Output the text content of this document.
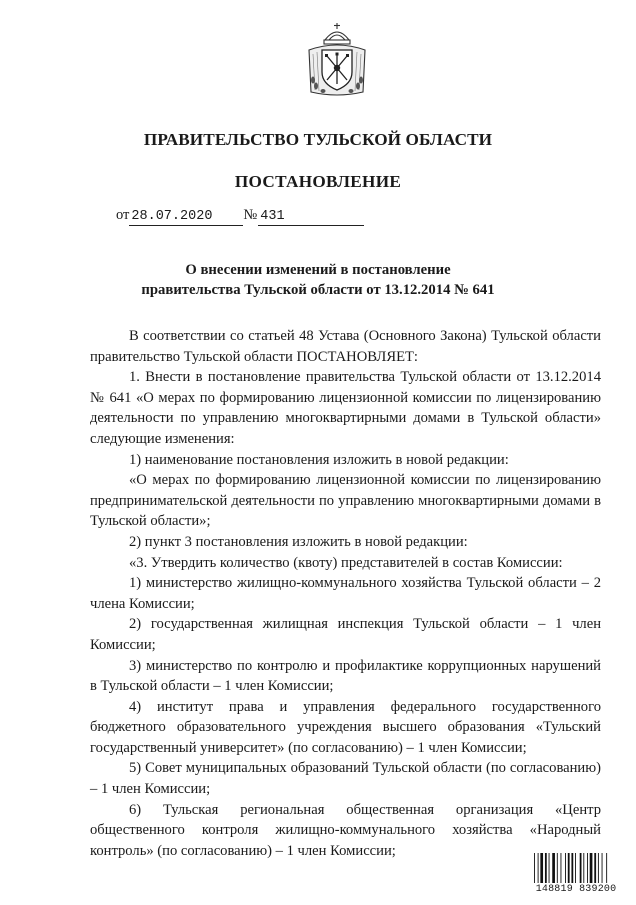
ПРАВИТЕЛЬСТВО ТУЛЬСКОЙ ОБЛАСТИ
ПОСТАНОВЛЕНИЕ
от 28.07.2020 № 431
О внесении изменений в постановление
правительства Тульской области от 13.12.2014 № 641

В соответствии со статьей 48 Устава (Основного Закона) Тульской области правительство Тульской области ПОСТАНОВЛЯЕТ:

1. Внести в постановление правительства Тульской области от 13.12.2014 № 641 «О мерах по формированию лицензионной комиссии по лицензированию деятельности по управлению многоквартирными домами в Тульской области» следующие изменения:

1) наименование постановления изложить в новой редакции:

«О мерах по формированию лицензионной комиссии по лицензированию предпринимательской деятельности по управлению многоквартирными домами в Тульской области»;

2) пункт 3 постановления изложить в новой редакции:

«3. Утвердить количество (квоту) представителей в состав Комиссии:

1) министерство жилищно-коммунального хозяйства Тульской области – 2 члена Комиссии;

2) государственная жилищная инспекция Тульской области – 1 член Комиссии;

3) министерство по контролю и профилактике коррупционных нарушений в Тульской области – 1 член Комиссии;

4) институт права и управления федерального государственного бюджетного образовательного учреждения высшего образования «Тульский государственный университет» (по согласованию) – 1 член Комиссии;

5) Совет муниципальных образований Тульской области (по согласованию) – 1 член Комиссии;

6) Тульская региональная общественная организация «Центр общественного контроля жилищно-коммунального хозяйства «Народный контроль» (по согласованию) – 1 член Комиссии;

148819 839200
